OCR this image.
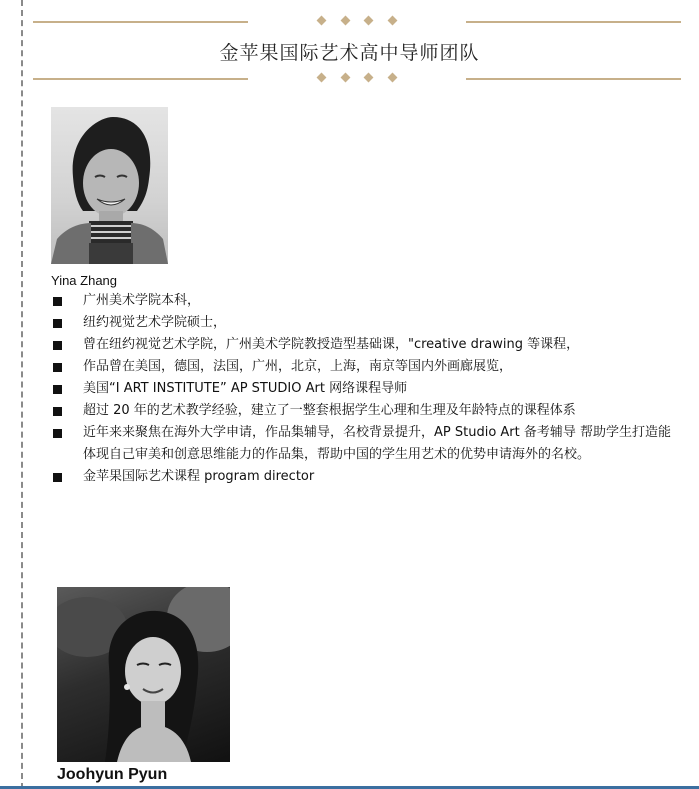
金苹果国际艺术高中导师团队
Yina Zhang
广州美术学院本科，
纽约视觉艺术学院硕士，
曾在纽约视觉艺术学院，广州美术学院教授造型基础课，"creative drawing 等课程，
作品曾在美国，德国，法国，广州，北京，上海，南京等国内外画廊展览，
美国“I ART INSTITUTE” AP STUDIO Art 网络课程导师
超过 20 年的艺术教学经验，建立了一整套根据学生心理和生理及年龄特点的课程体系
近年来来聚焦在海外大学申请，作品集辅导，名校背景提升，AP Studio Art 备考辅导 帮助学生打造能体现自己审美和创意思维能力的作品集，帮助中国的学生用艺术的优势申请海外的名校。
金苹果国际艺术课程 program director
Joohyun Pyun
